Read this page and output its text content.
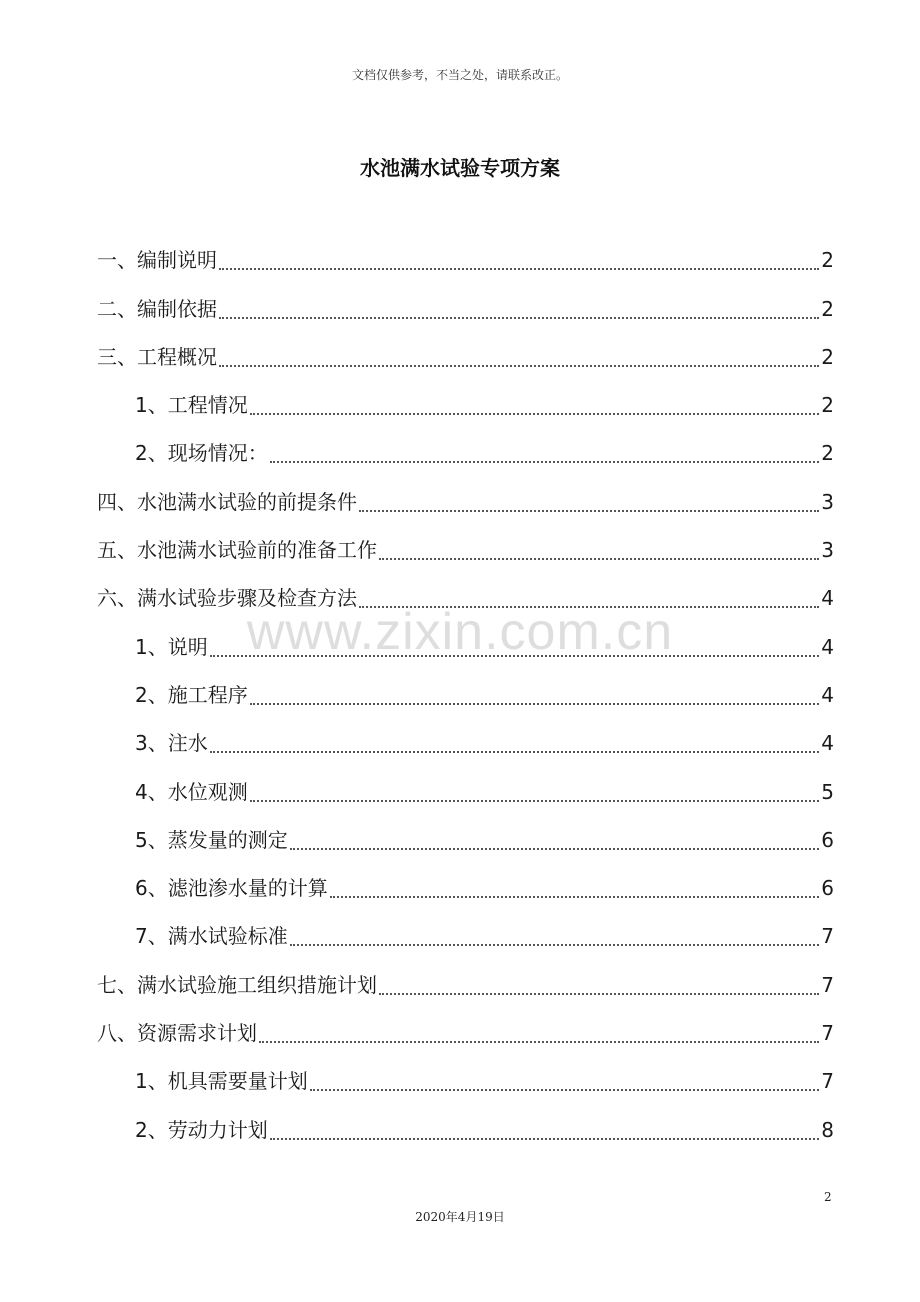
文档仅供参考，不当之处，请联系改正。
水池满水试验专项方案
一、编制说明	2
二、编制依据	2
三、工程概况	2
1、工程情况	2
2、现场情况：	2
四、水池满水试验的前提条件	3
五、水池满水试验前的准备工作	3
六、满水试验步骤及检查方法	4
1、说明	4
2、施工程序	4
3、注水	4
4、水位观测	5
5、蒸发量的测定	6
6、滤池渗水量的计算	6
7、满水试验标准	7
七、满水试验施工组织措施计划	7
八、资源需求计划	7
1、机具需要量计划	7
2、劳动力计划	8
www.zixin.com.cn
2
2020年4月19日
